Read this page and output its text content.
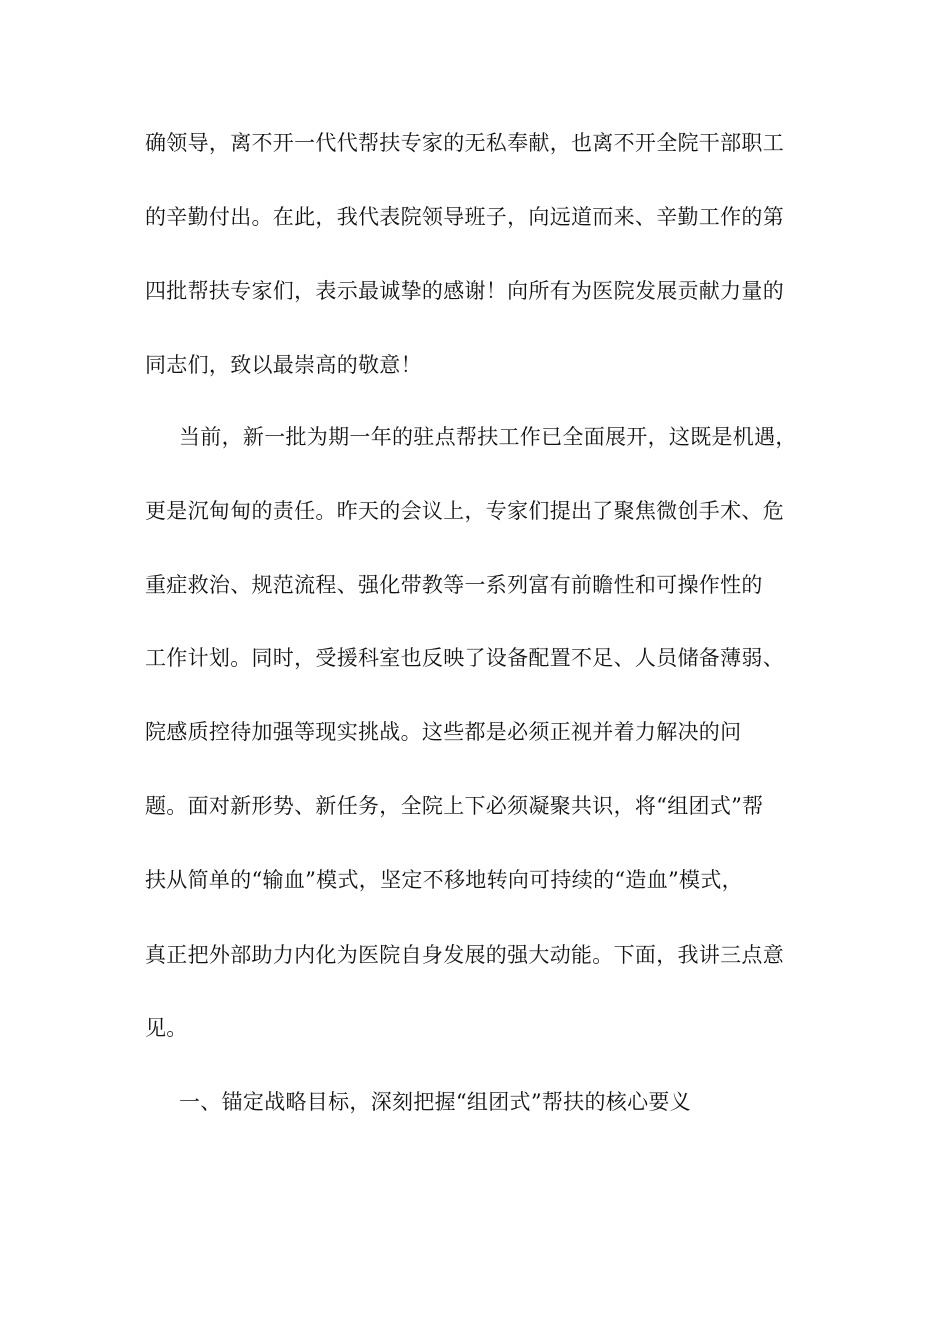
确领导，离不开一代代帮扶专家的无私奉献，也离不开全院干部职工
的辛勤付出。在此，我代表院领导班子，向远道而来、辛勤工作的第
四批帮扶专家们，表示最诚挚的感谢！向所有为医院发展贡献力量的
同志们，致以最崇高的敬意！
当前，新一批为期一年的驻点帮扶工作已全面展开，这既是机遇，
更是沉甸甸的责任。昨天的会议上，专家们提出了聚焦微创手术、危
重症救治、规范流程、强化带教等一系列富有前瞻性和可操作性的
工作计划。同时，受援科室也反映了设备配置不足、人员储备薄弱、
院感质控待加强等现实挑战。这些都是必须正视并着力解决的问
题。面对新形势、新任务，全院上下必须凝聚共识，将“组团式”帮
扶从简单的“输血”模式，坚定不移地转向可持续的“造血”模式，
真正把外部助力内化为医院自身发展的强大动能。下面，我讲三点意
见。
一、锚定战略目标，深刻把握“组团式”帮扶的核心要义
